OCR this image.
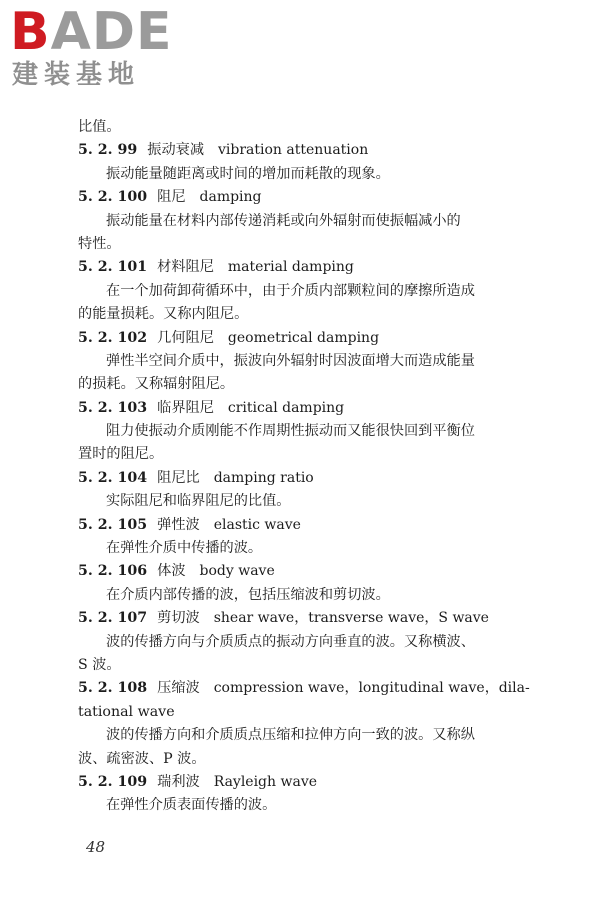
BADE
建装基地
比值。
5. 2. 99 振动衰减 vibration attenuation
振动能量随距离或时间的增加而耗散的现象。
5. 2. 100 阻尼 damping
振动能量在材料内部传递消耗或向外辐射而使振幅减小的
特性。
5. 2. 101 材料阻尼 material damping
在一个加荷卸荷循环中，由于介质内部颗粒间的摩擦所造成
的能量损耗。又称内阻尼。
5. 2. 102 几何阻尼 geometrical damping
弹性半空间介质中，振波向外辐射时因波面增大而造成能量
的损耗。又称辐射阻尼。
5. 2. 103 临界阻尼 critical damping
阻力使振动介质刚能不作周期性振动而又能很快回到平衡位
置时的阻尼。
5. 2. 104 阻尼比 damping ratio
实际阻尼和临界阻尼的比值。
5. 2. 105 弹性波 elastic wave
在弹性介质中传播的波。
5. 2. 106 体波 body wave
在介质内部传播的波，包括压缩波和剪切波。
5. 2. 107 剪切波 shear wave，transverse wave，S wave
波的传播方向与介质质点的振动方向垂直的波。又称横波、
S 波。
5. 2. 108 压缩波 compression wave，longitudinal wave，dila-
tational wave
波的传播方向和介质质点压缩和拉伸方向一致的波。又称纵
波、疏密波、P 波。
5. 2. 109 瑞利波 Rayleigh wave
在弹性介质表面传播的波。
48
